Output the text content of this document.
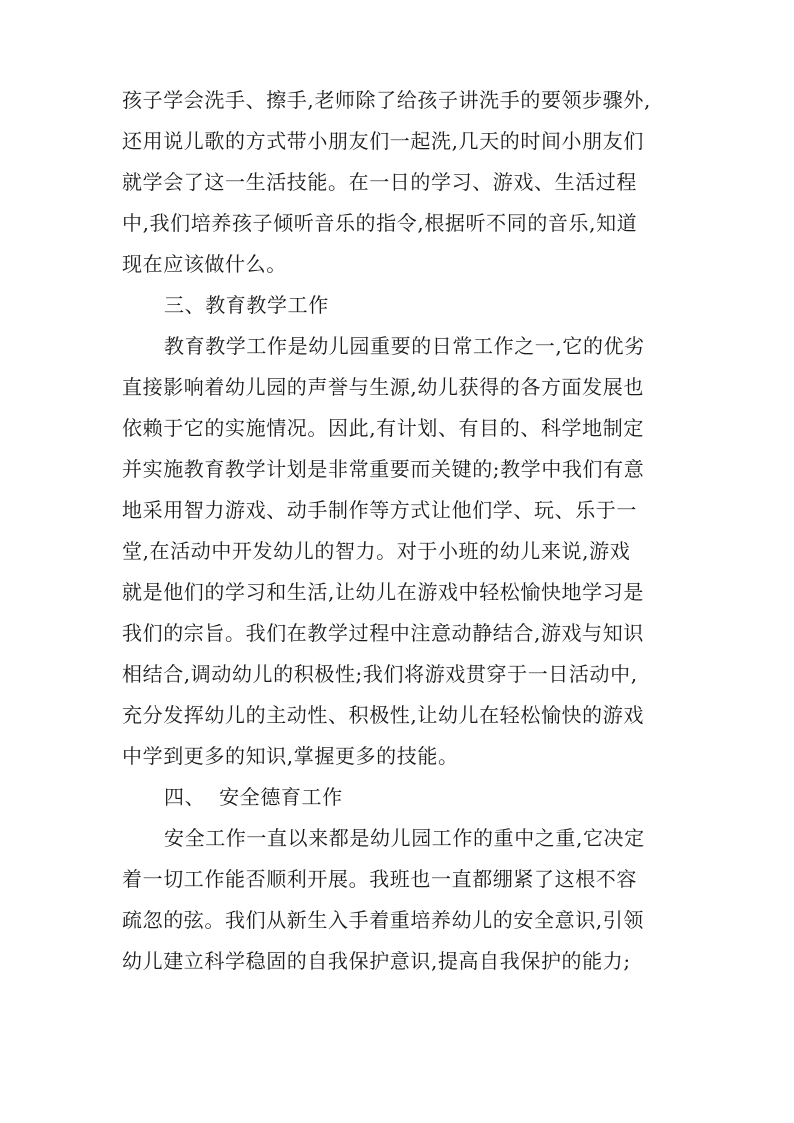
孩子学会洗手、擦手,老师除了给孩子讲洗手的要领步骤外,
还用说儿歌的方式带小朋友们一起洗,几天的时间小朋友们
就学会了这一生活技能。在一日的学习、游戏、生活过程
中,我们培养孩子倾听音乐的指令,根据听不同的音乐,知道
现在应该做什么。
三、教育教学工作
教育教学工作是幼儿园重要的日常工作之一,它的优劣
直接影响着幼儿园的声誉与生源,幼儿获得的各方面发展也
依赖于它的实施情况。因此,有计划、有目的、科学地制定
并实施教育教学计划是非常重要而关键的;教学中我们有意
地采用智力游戏、动手制作等方式让他们学、玩、乐于一
堂,在活动中开发幼儿的智力。对于小班的幼儿来说,游戏
就是他们的学习和生活,让幼儿在游戏中轻松愉快地学习是
我们的宗旨。我们在教学过程中注意动静结合,游戏与知识
相结合,调动幼儿的积极性;我们将游戏贯穿于一日活动中,
充分发挥幼儿的主动性、积极性,让幼儿在轻松愉快的游戏
中学到更多的知识,掌握更多的技能。
四、  安全德育工作
安全工作一直以来都是幼儿园工作的重中之重,它决定
着一切工作能否顺利开展。我班也一直都绷紧了这根不容
疏忽的弦。我们从新生入手着重培养幼儿的安全意识,引领
幼儿建立科学稳固的自我保护意识,提高自我保护的能力;
